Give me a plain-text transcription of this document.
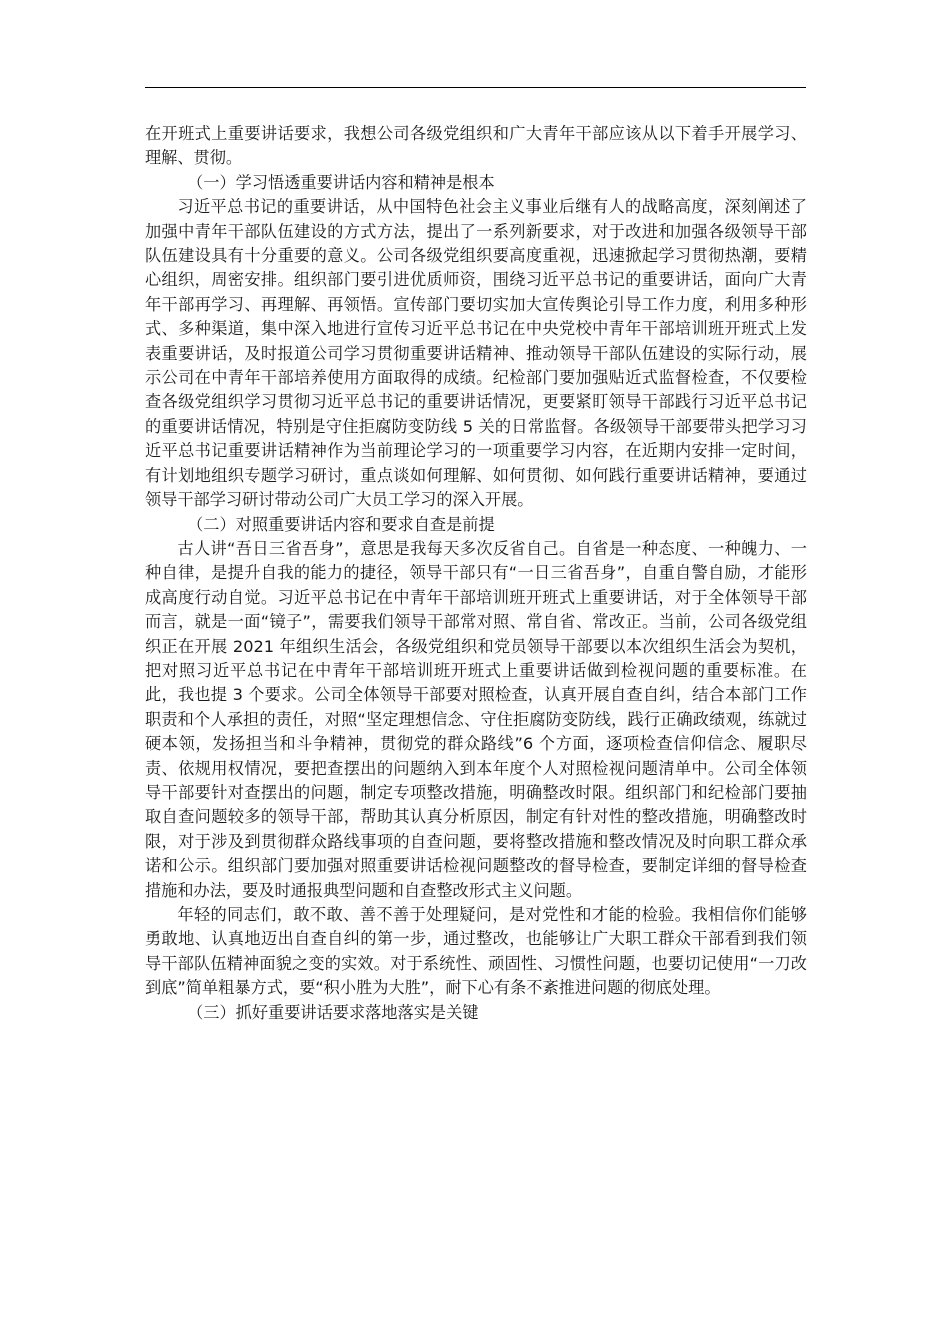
在开班式上重要讲话要求，我想公司各级党组织和广大青年干部应该从以下着手开展学习、理解、贯彻。

（一）学习悟透重要讲话内容和精神是根本

习近平总书记的重要讲话，从中国特色社会主义事业后继有人的战略高度，深刻阐述了加强中青年干部队伍建设的方式方法，提出了一系列新要求，对于改进和加强各级领导干部队伍建设具有十分重要的意义。公司各级党组织要高度重视，迅速掀起学习贯彻热潮，要精心组织，周密安排。组织部门要引进优质师资，围绕习近平总书记的重要讲话，面向广大青年干部再学习、再理解、再领悟。宣传部门要切实加大宣传舆论引导工作力度，利用多种形式、多种渠道，集中深入地进行宣传习近平总书记在中央党校中青年干部培训班开班式上发表重要讲话，及时报道公司学习贯彻重要讲话精神、推动领导干部队伍建设的实际行动，展示公司在中青年干部培养使用方面取得的成绩。纪检部门要加强贴近式监督检查，不仅要检查各级党组织学习贯彻习近平总书记的重要讲话情况，更要紧盯领导干部践行习近平总书记的重要讲话情况，特别是守住拒腐防变防线 5 关的日常监督。各级领导干部要带头把学习习近平总书记重要讲话精神作为当前理论学习的一项重要学习内容，在近期内安排一定时间，有计划地组织专题学习研讨，重点谈如何理解、如何贯彻、如何践行重要讲话精神，要通过领导干部学习研讨带动公司广大员工学习的深入开展。

（二）对照重要讲话内容和要求自查是前提

古人讲“吾日三省吾身”，意思是我每天多次反省自己。自省是一种态度、一种魄力、一种自律，是提升自我的能力的捷径，领导干部只有“一日三省吾身”，自重自警自励，才能形成高度行动自觉。习近平总书记在中青年干部培训班开班式上重要讲话，对于全体领导干部而言，就是一面“镜子”，需要我们领导干部常对照、常自省、常改正。当前，公司各级党组织正在开展 2021 年组织生活会，各级党组织和党员领导干部要以本次组织生活会为契机，把对照习近平总书记在中青年干部培训班开班式上重要讲话做到检视问题的重要标准。在此，我也提 3 个要求。公司全体领导干部要对照检查，认真开展自查自纠，结合本部门工作职责和个人承担的责任，对照“坚定理想信念、守住拒腐防变防线，践行正确政绩观，练就过硬本领，发扬担当和斗争精神，贯彻党的群众路线”6 个方面，逐项检查信仰信念、履职尽责、依规用权情况，要把查摆出的问题纳入到本年度个人对照检视问题清单中。公司全体领导干部要针对查摆出的问题，制定专项整改措施，明确整改时限。组织部门和纪检部门要抽取自查问题较多的领导干部，帮助其认真分析原因，制定有针对性的整改措施，明确整改时限，对于涉及到贯彻群众路线事项的自查问题，要将整改措施和整改情况及时向职工群众承诺和公示。组织部门要加强对照重要讲话检视问题整改的督导检查，要制定详细的督导检查措施和办法，要及时通报典型问题和自查整改形式主义问题。

年轻的同志们，敢不敢、善不善于处理疑问，是对党性和才能的检验。我相信你们能够勇敢地、认真地迈出自查自纠的第一步，通过整改，也能够让广大职工群众干部看到我们领导干部队伍精神面貌之变的实效。对于系统性、顽固性、习惯性问题，也要切记使用“一刀改到底”简单粗暴方式，要“积小胜为大胜”，耐下心有条不紊推进问题的彻底处理。

（三）抓好重要讲话要求落地落实是关键
